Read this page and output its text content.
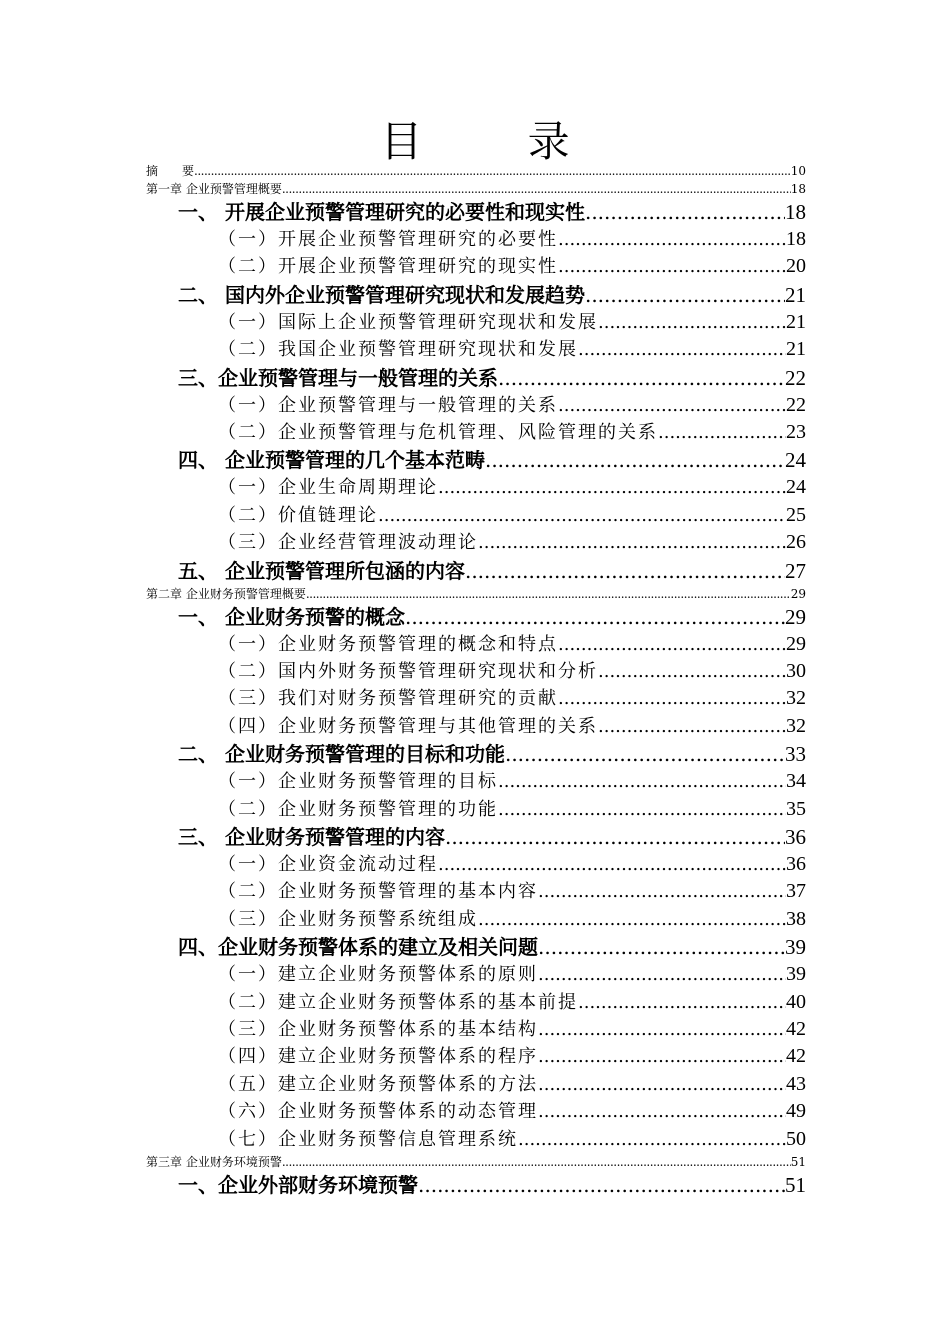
目 录
摘　　要 .....	10
第一章 企业预警管理概要 .....	18
一、 开展企业预警管理研究的必要性和现实性 .....	18
（一）开展企业预警管理研究的必要性 .....	18
（二）开展企业预警管理研究的现实性 .....	20
二、 国内外企业预警管理研究现状和发展趋势 .....	21
（一）国际上企业预警管理研究现状和发展 .....	21
（二）我国企业预警管理研究现状和发展 .....	21
三、企业预警管理与一般管理的关系 .....	22
（一）企业预警管理与一般管理的关系 .....	22
（二）企业预警管理与危机管理、风险管理的关系 .....	23
四、 企业预警管理的几个基本范畴 .....	24
（一）企业生命周期理论 .....	24
（二）价值链理论 .....	25
（三）企业经营管理波动理论 .....	26
五、 企业预警管理所包涵的内容 .....	27
第二章 企业财务预警管理概要 .....	29
一、 企业财务预警的概念 .....	29
（一）企业财务预警管理的概念和特点 .....	29
（二）国内外财务预警管理研究现状和分析 .....	30
（三）我们对财务预警管理研究的贡献 .....	32
（四）企业财务预警管理与其他管理的关系 .....	32
二、 企业财务预警管理的目标和功能 .....	33
（一）企业财务预警管理的目标 .....	34
（二）企业财务预警管理的功能 .....	35
三、 企业财务预警管理的内容 .....	36
（一）企业资金流动过程 .....	36
（二）企业财务预警管理的基本内容 .....	37
（三）企业财务预警系统组成 .....	38
四、企业财务预警体系的建立及相关问题 .....	39
（一）建立企业财务预警体系的原则 .....	39
（二）建立企业财务预警体系的基本前提 .....	40
（三）企业财务预警体系的基本结构 .....	42
（四）建立企业财务预警体系的程序 .....	42
（五）建立企业财务预警体系的方法 .....	43
（六）企业财务预警体系的动态管理 .....	49
（七）企业财务预警信息管理系统 .....	50
第三章 企业财务环境预警 .....	51
一、企业外部财务环境预警 .....	51
